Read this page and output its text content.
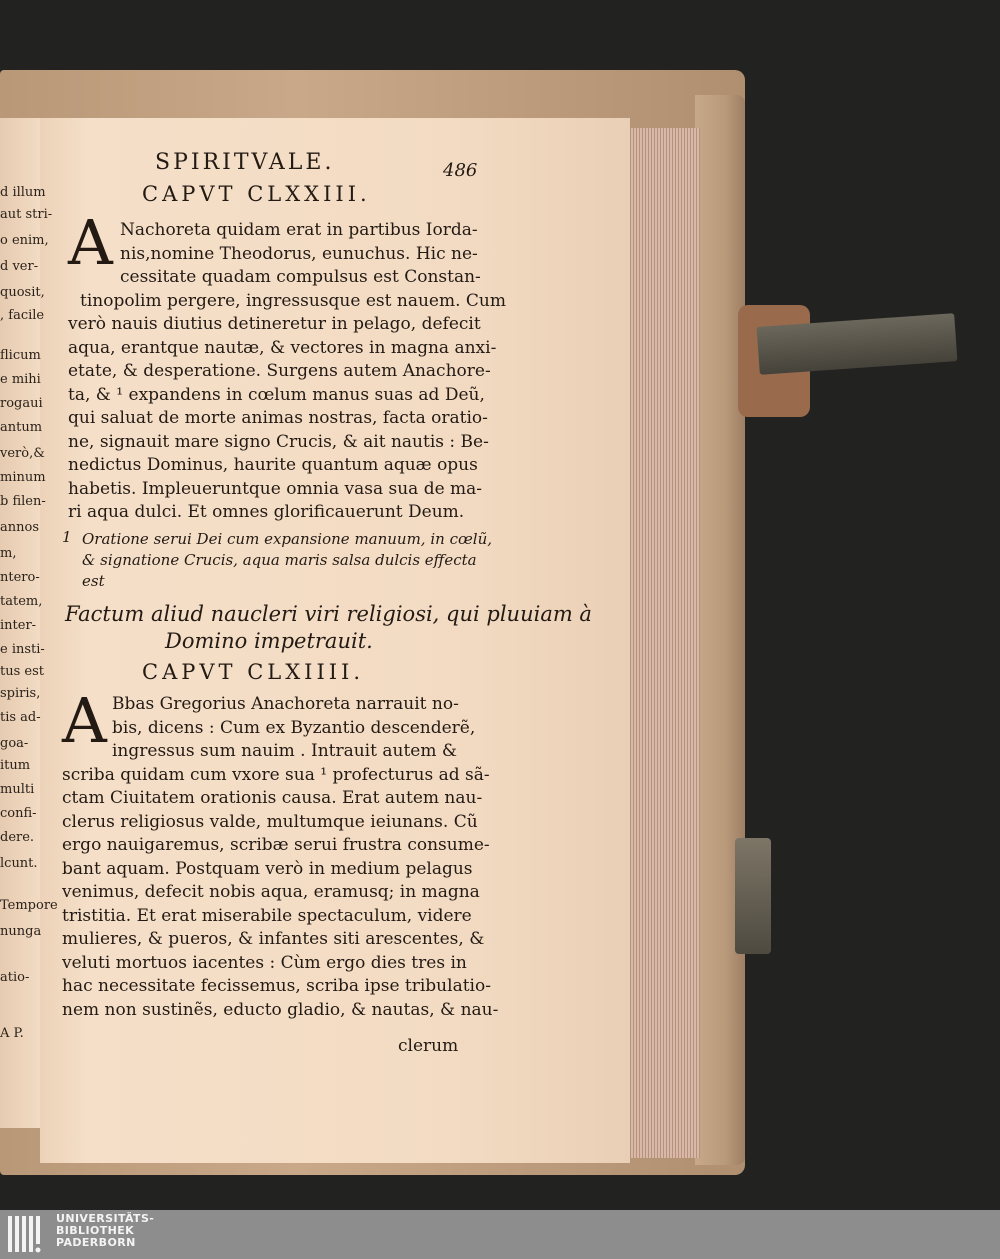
d illum
aut stri-
o enim,
d ver-
quosit,
, facile
flicum
e mihi
rogaui
antum
verò,&
minum
b filen-
annos
m,
ntero-
tatem,
inter-
e insti-
tus est
spiris,
tis ad-
goa-
itum
multi
confi-
dere.
lcunt.
Tempore
nunga
atio-
A P.
SPIRITVALE.	486
CAPVT CLXXIII.
A Nachoreta quidam erat in partibus Iorda-
nis,nomine Theodorus, eunuchus. Hic ne-
cessitate quadam compulsus est Constan-
tinopolim pergere, ingressusque est nauem. Cum
verò nauis diutius detineretur in pelago, defecit
aqua, erantque nautæ, & vectores in magna anxi-
etate, & desperatione. Surgens autem Anachore-
ta, & ¹ expandens in cœlum manus suas ad Deũ,
qui saluat de morte animas nostras, facta oratio-
ne, signauit mare signo Crucis, & ait nautis : Be-
nedictus Dominus, haurite quantum aquæ opus
habetis. Impleueruntque omnia vasa sua de ma-
ri aqua dulci. Et omnes glorificauerunt Deum.
1 Oratione serui Dei cum expansione manuum, in cœlũ,
& signatione Crucis, aqua maris salsa dulcis effecta
est
Factum aliud naucleri viri religiosi, qui pluuiam à
Domino impetrauit.
CAPVT CLXIIII.
A Bbas Gregorius Anachoreta narrauit no-
bis, dicens : Cum ex Byzantio descenderẽ,
ingressus sum nauim . Intrauit autem &
scriba quidam cum vxore sua ¹ profecturus ad sã-
ctam Ciuitatem orationis causa. Erat autem nau-
clerus religiosus valde, multumque ieiunans. Cũ
ergo nauigaremus, scribæ serui frustra consume-
bant aquam. Postquam verò in medium pelagus
venimus, defecit nobis aqua, eramusq; in magna
tristitia. Et erat miserabile spectaculum, videre
mulieres, & pueros, & infantes siti arescentes, &
veluti mortuos iacentes : Cùm ergo dies tres in
hac necessitate fecissemus, scriba ipse tribulatio-
nem non sustinẽs, educto gladio, & nautas, & nau-
clerum
UNIVERSITÄTS-
BIBLIOTHEK
PADERBORN
